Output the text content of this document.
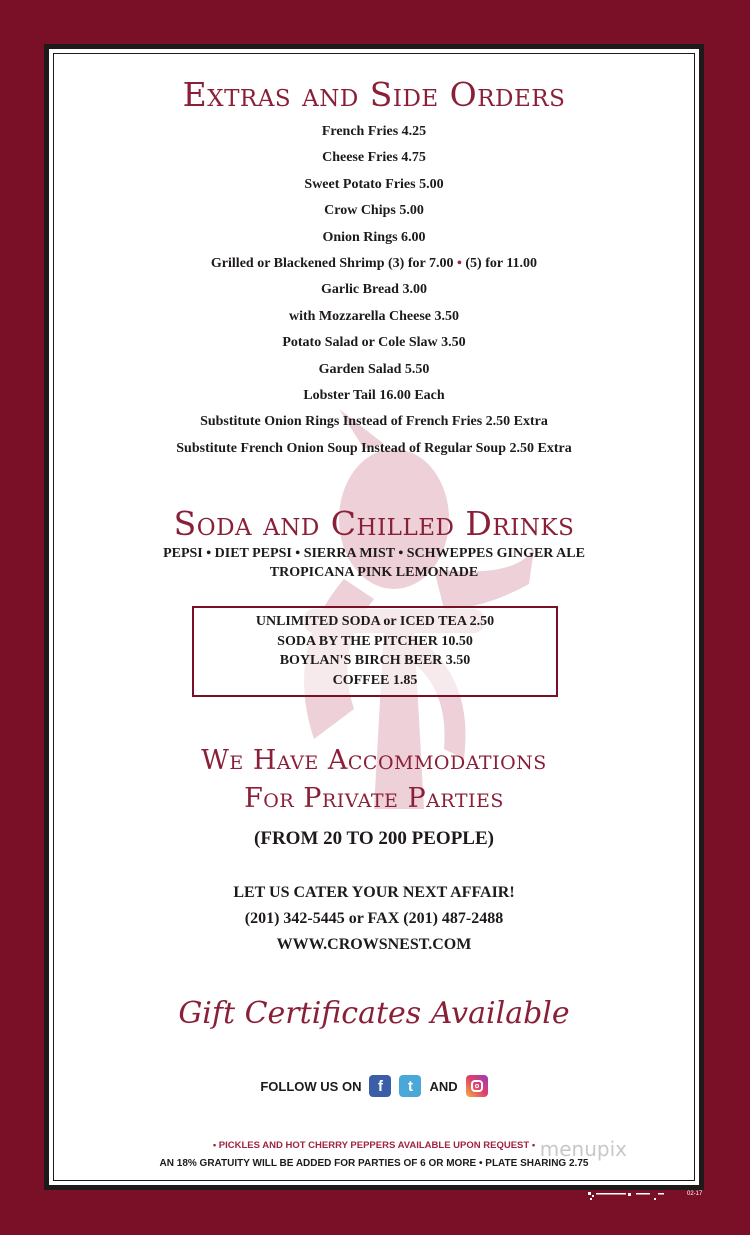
Extras and Side Orders
French Fries 4.25
Cheese Fries 4.75
Sweet Potato Fries 5.00
Crow Chips 5.00
Onion Rings 6.00
Grilled or Blackened Shrimp (3) for 7.00 • (5) for 11.00
Garlic Bread 3.00
with Mozzarella Cheese 3.50
Potato Salad or Cole Slaw 3.50
Garden Salad 5.50
Lobster Tail 16.00 Each
Substitute Onion Rings Instead of French Fries 2.50 Extra
Substitute French Onion Soup Instead of Regular Soup 2.50 Extra
Soda and Chilled Drinks
PEPSI • DIET PEPSI • SIERRA MIST • SCHWEPPES GINGER ALE
TROPICANA PINK LEMONADE
UNLIMITED SODA or ICED TEA 2.50
SODA BY THE PITCHER 10.50
BOYLAN'S BIRCH BEER 3.50
COFFEE 1.85
We Have Accommodations
For Private Parties
(FROM 20 TO 200 PEOPLE)
LET US CATER YOUR NEXT AFFAIR!
(201) 342-5445 or FAX (201) 487-2488
WWW.CROWSNEST.COM
Gift Certificates Available
FOLLOW US ON	f	t	AND
• PICKLES AND HOT CHERRY PEPPERS AVAILABLE UPON REQUEST •
AN 18% GRATUITY WILL BE ADDED FOR PARTIES OF 6 OR MORE • PLATE SHARING 2.75
menupix
02-17
